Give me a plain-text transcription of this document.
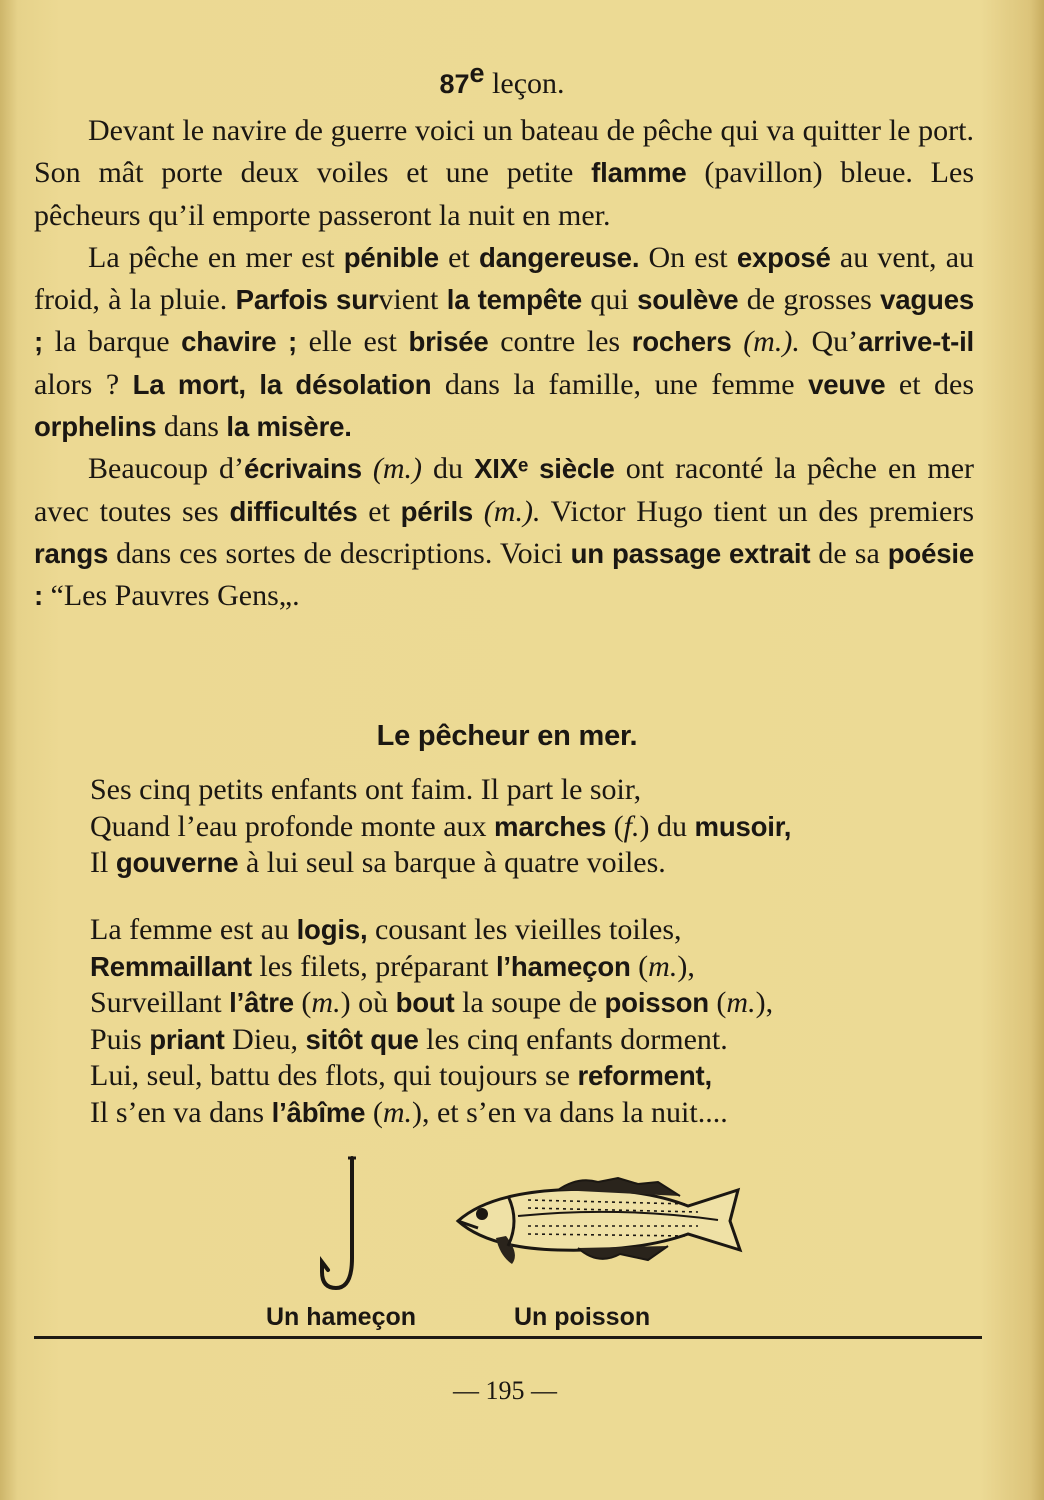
87e leçon.

Devant le navire de guerre voici un bateau de pêche qui va quitter le port. Son mât porte deux voiles et une petite flamme (pavillon) bleue. Les pêcheurs qu’il emporte passeront la nuit en mer.

La pêche en mer est pénible et dangereuse. On est exposé au vent, au froid, à la pluie. Parfois survient la tempête qui soulève de grosses vagues ; la barque chavire ; elle est brisée contre les rochers (m.). Qu’arrive-t-il alors ? La mort, la désolation dans la famille, une femme veuve et des orphelins dans la misère.

Beaucoup d’écrivains (m.) du XIXᵉ siècle ont raconté la pêche en mer avec toutes ses difficultés et périls (m.). Victor Hugo tient un des premiers rangs dans ces sortes de descriptions. Voici un passage extrait de sa poésie : “Les Pauvres Gens„.

Le pêcheur en mer.
Ses cinq petits enfants ont faim. Il part le soir,
Quand l’eau profonde monte aux marches (f.) du musoir,
Il gouverne à lui seul sa barque à quatre voiles.
La femme est au logis, cousant les vieilles toiles,
Remmaillant les filets, préparant l’hameçon (m.),
Surveillant l’âtre (m.) où bout la soupe de poisson (m.),
Puis priant Dieu, sitôt que les cinq enfants dorment.
Lui, seul, battu des flots, qui toujours se reforment,
Il s’en va dans l’âbîme (m.), et s’en va dans la nuit....
Un hameçon	Un poisson
— 195 —
